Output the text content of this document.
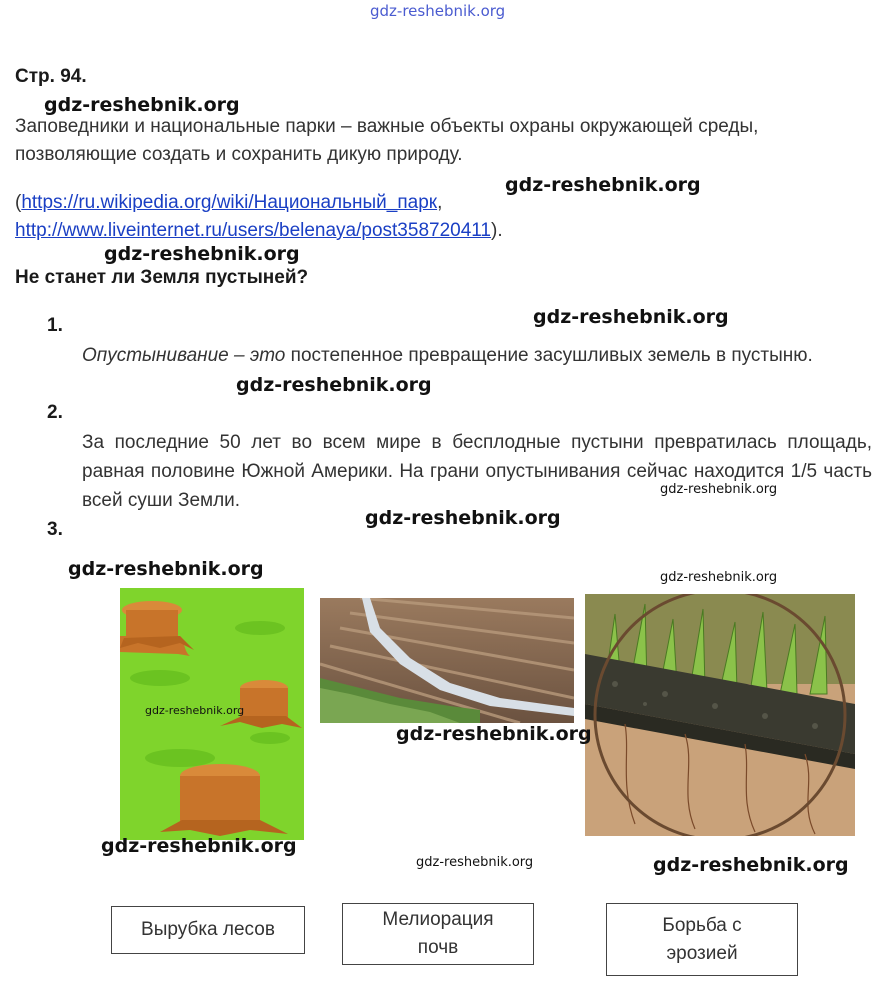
gdz-reshebnik.org
Стр. 94.
gdz-reshebnik.org
Заповедники и национальные парки – важные объекты охраны окружающей среды, позволяющие создать и сохранить дикую природу.
gdz-reshebnik.org
(https://ru.wikipedia.org/wiki/Национальный_парк,
http://www.liveinternet.ru/users/belenaya/post358720411).
gdz-reshebnik.org
Не станет ли Земля пустыней?
1.	gdz-reshebnik.org
Опустынивание – это постепенное превращение засушливых земель в пустыню.
gdz-reshebnik.org
2.
За последние 50 лет во всем мире в бесплодные пустыни превратилась площадь, равная половине Южной Америки. На грани опустынивания сейчас находится 1/5 часть всей суши Земли.
gdz-reshebnik.org
gdz-reshebnik.org
3.
gdz-reshebnik.org	gdz-reshebnik.org
gdz-reshebnik.org
gdz-reshebnik.org
gdz-reshebnik.org
gdz-reshebnik.org	gdz-reshebnik.org
Вырубка лесов	Мелиорация почв
Борьба с эрозией
